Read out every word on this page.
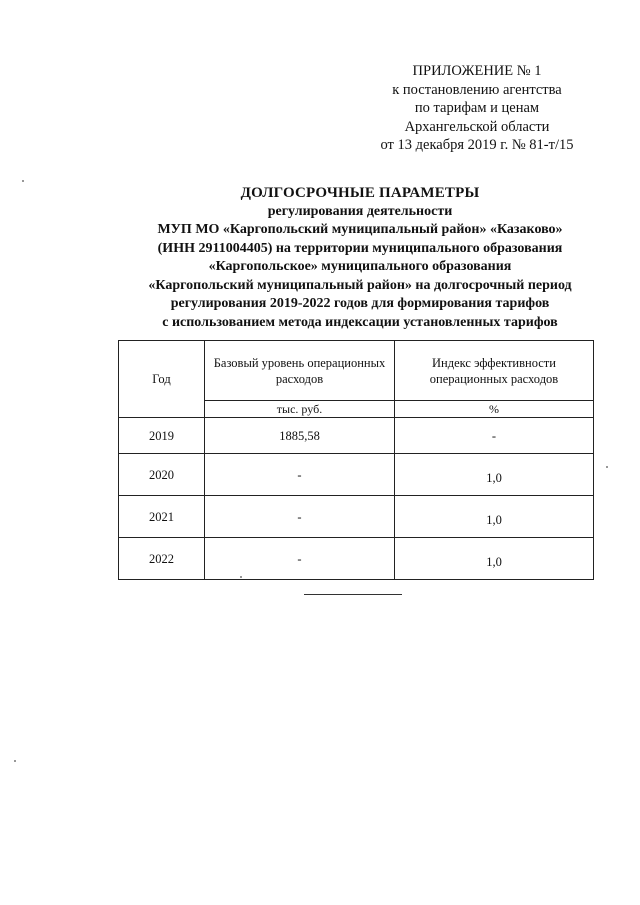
ПРИЛОЖЕНИЕ № 1
к постановлению агентства
по тарифам и ценам
Архангельской области
от 13 декабря 2019 г. № 81-т/15
ДОЛГОСРОЧНЫЕ ПАРАМЕТРЫ
регулирования деятельности
МУП МО «Каргопольский муниципальный район» «Казаково»
(ИНН 2911004405) на территории муниципального образования
«Каргопольское» муниципального образования
«Каргопольский муниципальный район» на долгосрочный период
регулирования 2019-2022 годов для формирования тарифов
с использованием метода индексации установленных тарифов
Год	Базовый уровень операционных расходов	Индекс эффективности операционных расходов
	тыс. руб.	%
2019	1885,58	-
2020	-	1,0
2021	-	1,0
2022	-	1,0
